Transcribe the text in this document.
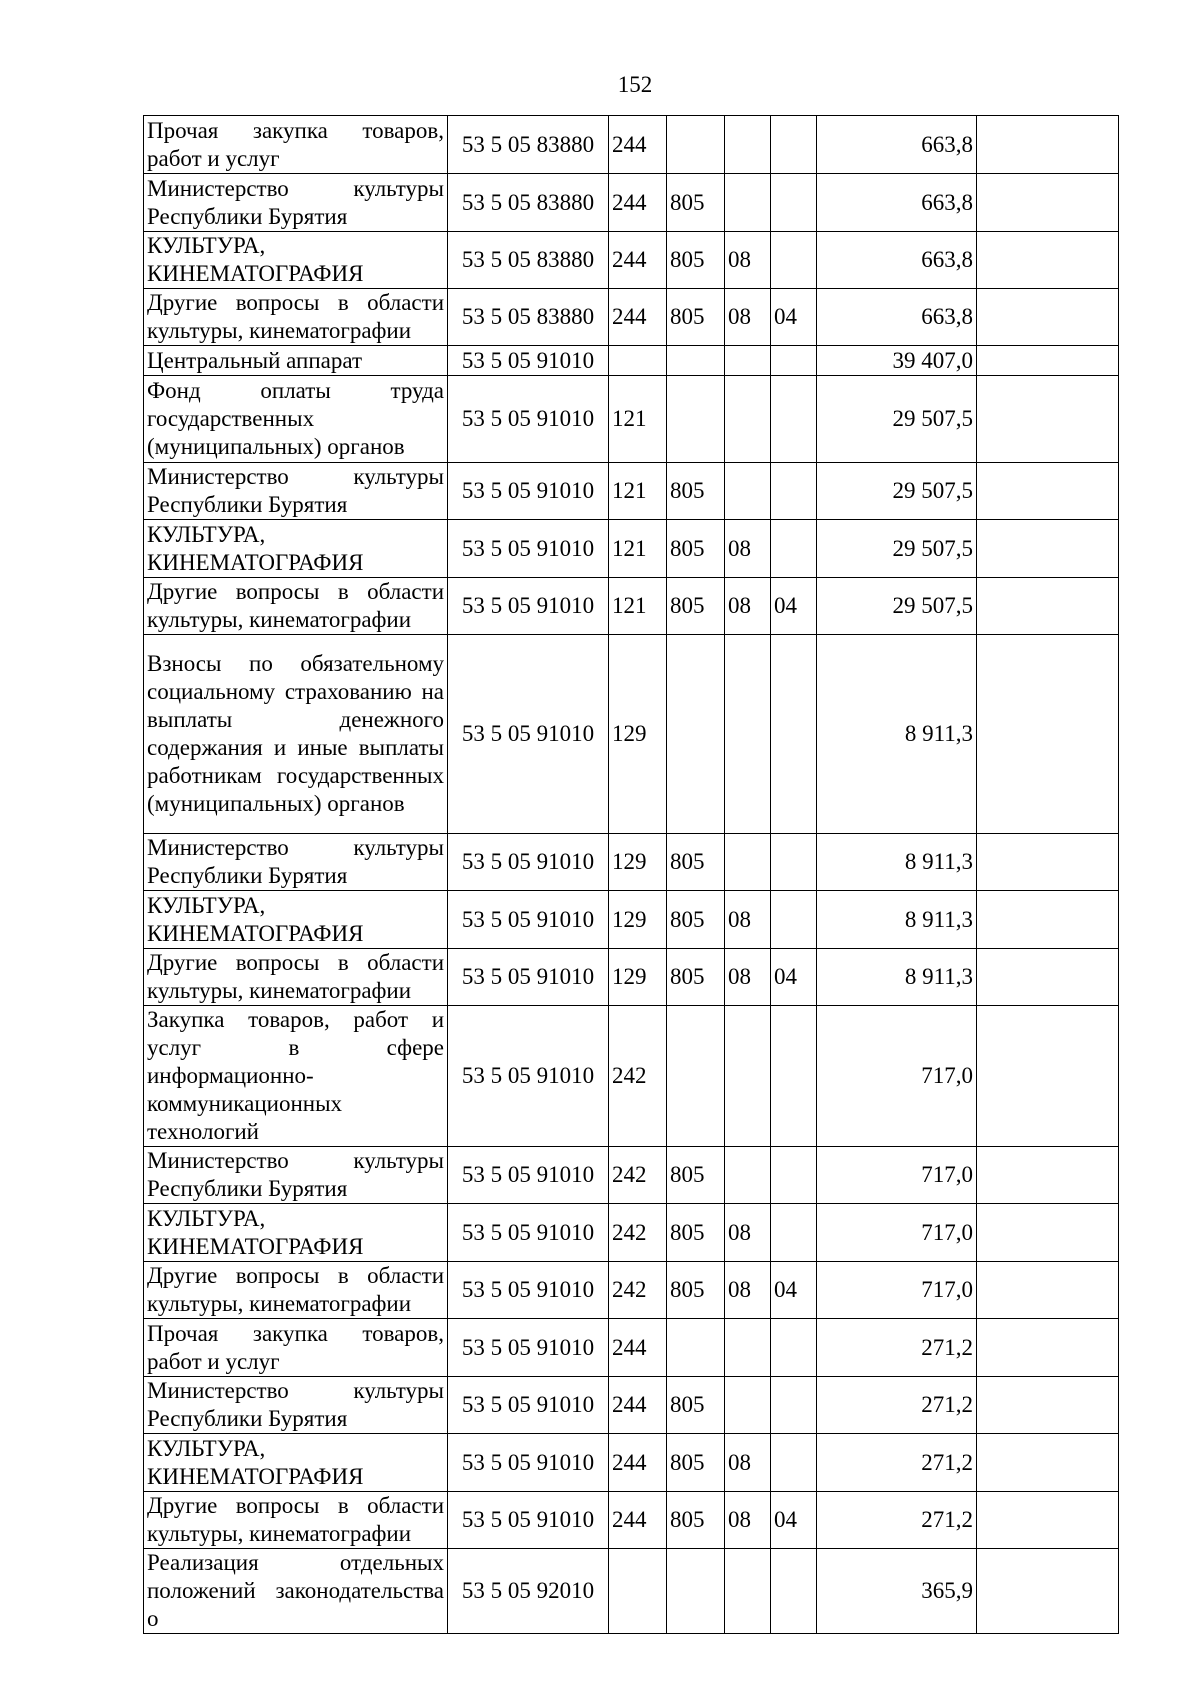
152
Прочая закупка товаров, работ и услуг	53 5 05 83880	244				663,8	
Министерство культуры Республики Бурятия	53 5 05 83880	244	805			663,8	
КУЛЬТУРА, КИНЕМАТОГРАФИЯ	53 5 05 83880	244	805	08		663,8	
Другие вопросы в области культуры, кинематографии	53 5 05 83880	244	805	08	04	663,8	
Центральный аппарат	53 5 05 91010					39 407,0	
Фонд оплаты труда государственных (муниципальных) органов	53 5 05 91010	121				29 507,5	
Министерство культуры Республики Бурятия	53 5 05 91010	121	805			29 507,5	
КУЛЬТУРА, КИНЕМАТОГРАФИЯ	53 5 05 91010	121	805	08		29 507,5	
Другие вопросы в области культуры, кинематографии	53 5 05 91010	121	805	08	04	29 507,5	
Взносы по обязательному социальному страхованию на выплаты денежного содержания и иные выплаты работникам государственных (муниципальных) органов	53 5 05 91010	129				8 911,3	
Министерство культуры Республики Бурятия	53 5 05 91010	129	805			8 911,3	
КУЛЬТУРА, КИНЕМАТОГРАФИЯ	53 5 05 91010	129	805	08		8 911,3	
Другие вопросы в области культуры, кинематографии	53 5 05 91010	129	805	08	04	8 911,3	
Закупка товаров, работ и услуг в сфере информационно-коммуникационных технологий	53 5 05 91010	242				717,0	
Министерство культуры Республики Бурятия	53 5 05 91010	242	805			717,0	
КУЛЬТУРА, КИНЕМАТОГРАФИЯ	53 5 05 91010	242	805	08		717,0	
Другие вопросы в области культуры, кинематографии	53 5 05 91010	242	805	08	04	717,0	
Прочая закупка товаров, работ и услуг	53 5 05 91010	244				271,2	
Министерство культуры Республики Бурятия	53 5 05 91010	244	805			271,2	
КУЛЬТУРА, КИНЕМАТОГРАФИЯ	53 5 05 91010	244	805	08		271,2	
Другие вопросы в области культуры, кинематографии	53 5 05 91010	244	805	08	04	271,2	
Реализация отдельных положений законодательства о	53 5 05 92010					365,9	
